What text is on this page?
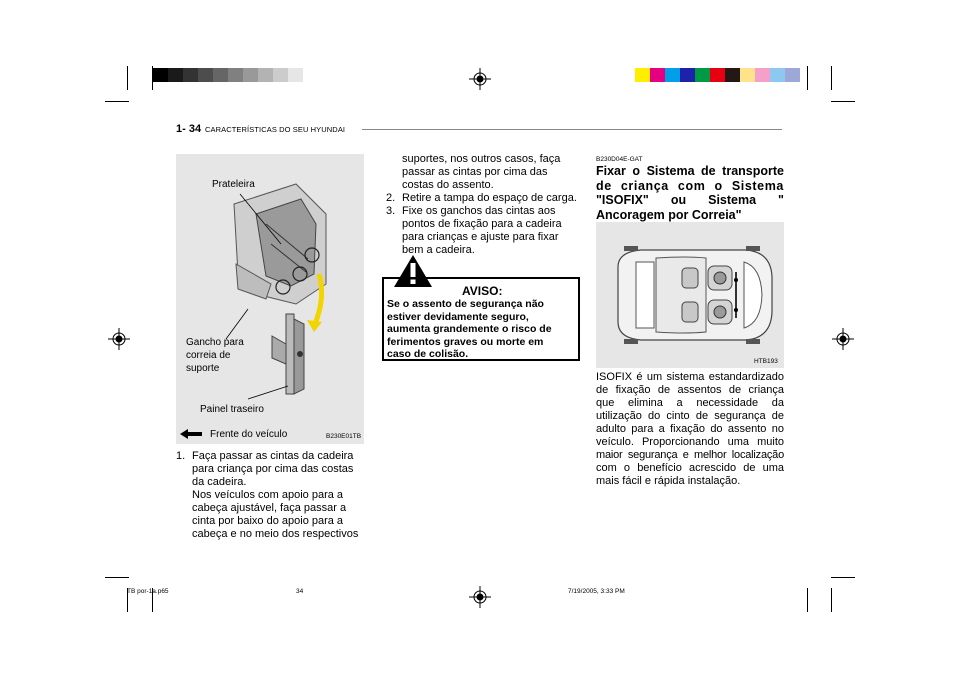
1- 34 CARACTERÍSTICAS DO SEU HYUNDAI
Prateleira
Gancho para
correia de
suporte
Painel traseiro
Frente do veículo	B230E01TB
1. Faça passar as cintas da cadeira
para criança por cima das costas
da cadeira.
Nos veículos com apoio para a
cabeça ajustável, faça passar a
cinta por baixo do apoio para a
cabeça e no meio dos respectivos
suportes, nos outros casos, faça
passar as cintas por cima das
costas do assento.
2. Retire a tampa do espaço de carga.
3. Fixe os ganchos das cintas aos
pontos de fixação para a cadeira
para crianças e ajuste para fixar
bem a cadeira.
AVISO:
Se o assento de segurança não
estiver devidamente seguro,
aumenta grandemente o risco de
ferimentos graves ou morte em
caso de colisão.
B230D04E-GAT
Fixar o Sistema de transporte
de criança com o Sistema
"ISOFIX" ou Sistema "
Ancoragem por Correia"
HTB193
ISOFIX é um sistema estandardizado
de fixação de assentos de criança
que elimina a necessidade da
utilização do cinto de segurança de
adulto para a fixação do assento no
veículo. Proporcionando uma muito
maior segurança e melhor localização
com o benefício acrescido de uma
mais fácil e rápida instalação.
TB por-1a.p65	34	7/19/2005, 3:33 PM
